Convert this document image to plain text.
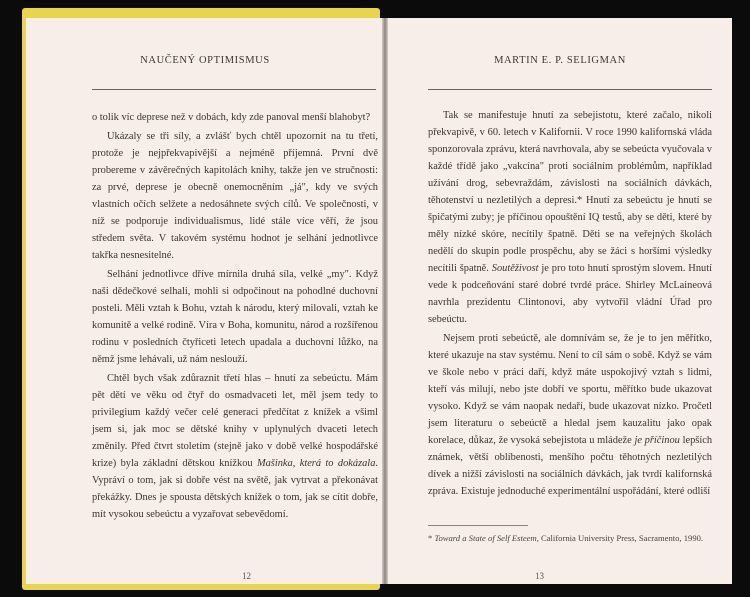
NAUČENÝ OPTIMISMUS

o tolik víc deprese než v dobách, kdy zde panoval menší blahobyt?

Ukázaly se tři síly, a zvlášť bych chtěl upozornit na tu třetí, protože je nejpřekvapivější a nejméně příjemná. První dvě probereme v závěrečných kapitolách knihy, takže jen ve stručnosti: za prvé, deprese je obecně onemocněním „já", kdy ve svých vlastních očích selžete a nedosáhnete svých cílů. Ve společnosti, v níž se podporuje individualismus, lidé stále více věří, že jsou středem světa. V takovém systému hodnot je selhání jednotlivce takřka nesnesitelné.

Selhání jednotlivce dříve mírnila druhá síla, velké „my". Když naši dědečkové selhali, mohli si odpočinout na pohodlné duchovní posteli. Měli vztah k Bohu, vztah k národu, který milovali, vztah ke komunitě a velké rodině. Víra v Boha, komunitu, národ a rozšířenou rodinu v posledních čtyřiceti letech upadala a duchovní lůžko, na němž jsme lehávali, už nám neslouží.

Chtěl bych však zdůraznit třetí hlas – hnutí za sebeúctu. Mám pět dětí ve věku od čtyř do osmadvaceti let, měl jsem tedy to privilegium každý večer celé generaci předčítat z knížek a všiml jsem si, jak moc se dětské knihy v uplynulých dvaceti letech změnily. Před čtvrt stoletím (stejně jako v době velké hospodářské krize) byla základní dětskou knížkou Mašinka, která to dokázala. Vypráví o tom, jak si dobře vést na světě, jak vytrvat a překonávat překážky. Dnes je spousta dětských knížek o tom, jak se cítit dobře, mít vysokou sebeúctu a vyzařovat sebevědomí.

12
MARTIN E. P. SELIGMAN

Tak se manifestuje hnutí za sebejistotu, které začalo, nikoli překvapivě, v 60. letech v Kalifornii. V roce 1990 kalifornská vláda sponzorovala zprávu, která navrhovala, aby se sebeúcta vyučovala v každé třídě jako „vakcína" proti sociálním problémům, například užívání drog, sebevraždám, závislosti na sociálních dávkách, těhotenství u nezletilých a depresi.* Hnutí za sebeúctu je hnutí se špičatými zuby; je příčinou opouštění IQ testů, aby se děti, které by měly nízké skóre, necítily špatně. Děti se na veřejných školách nedělí do skupin podle prospěchu, aby se žáci s horšími výsledky necítili špatně. Soutěživost je pro toto hnutí sprostým slovem. Hnutí vede k podceňování staré dobré tvrdé práce. Shirley McLaineová navrhla prezidentu Clintonovi, aby vytvořil vládní Úřad pro sebeúctu.

Nejsem proti sebeúctě, ale domnívám se, že je to jen měřítko, které ukazuje na stav systému. Není to cíl sám o sobě. Když se vám ve škole nebo v práci daří, když máte uspokojivý vztah s lidmi, kteří vás milují, nebo jste dobří ve sportu, měřítko bude ukazovat vysoko. Když se vám naopak nedaří, bude ukazovat nízko. Pročetl jsem literaturu o sebeúctě a hledal jsem kauzalitu jako opak korelace, důkaz, že vysoká sebejistota u mládeže je příčinou lepších známek, větší oblíbenosti, menšího počtu těhotných nezletilých dívek a nižší závislosti na sociálních dávkách, jak tvrdí kalifornská zpráva. Existuje jednoduché experimentální uspořádání, které odliší

* Toward a State of Self Esteem, California University Press, Sacramento, 1990.
13
